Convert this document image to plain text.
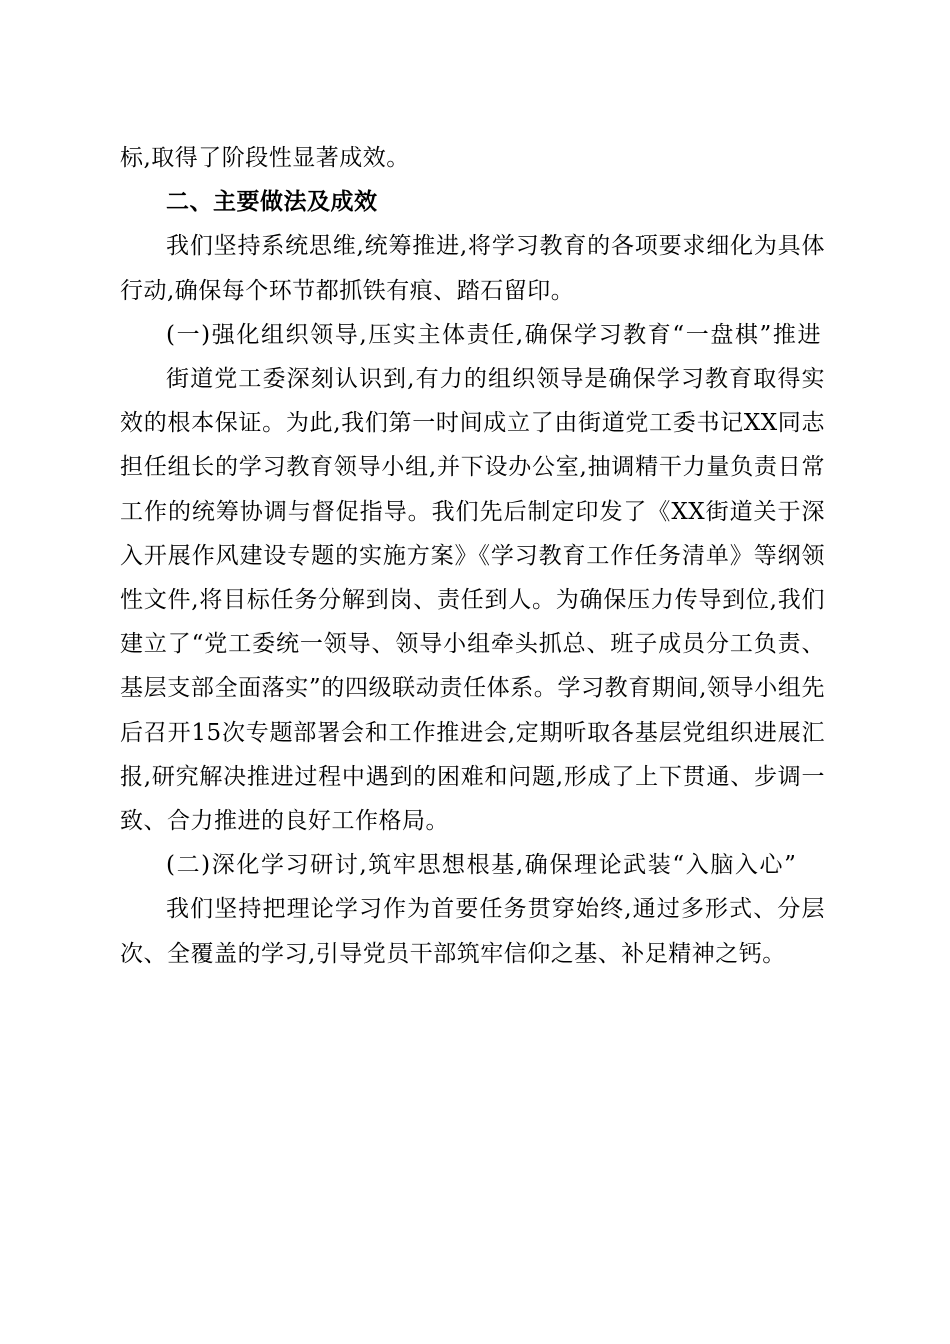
标,取得了阶段性显著成效。

二、主要做法及成效

我们坚持系统思维,统筹推进,将学习教育的各项要求细化为具体行动,确保每个环节都抓铁有痕、踏石留印。

(一)强化组织领导,压实主体责任,确保学习教育“一盘棋”推进

街道党工委深刻认识到,有力的组织领导是确保学习教育取得实效的根本保证。为此,我们第一时间成立了由街道党工委书记XX同志担任组长的学习教育领导小组,并下设办公室,抽调精干力量负责日常工作的统筹协调与督促指导。我们先后制定印发了《XX街道关于深入开展作风建设专题的实施方案》《学习教育工作任务清单》等纲领性文件,将目标任务分解到岗、责任到人。为确保压力传导到位,我们建立了“党工委统一领导、领导小组牵头抓总、班子成员分工负责、基层支部全面落实”的四级联动责任体系。学习教育期间,领导小组先后召开15次专题部署会和工作推进会,定期听取各基层党组织进展汇报,研究解决推进过程中遇到的困难和问题,形成了上下贯通、步调一致、合力推进的良好工作格局。

(二)深化学习研讨,筑牢思想根基,确保理论武装“入脑入心”

我们坚持把理论学习作为首要任务贯穿始终,通过多形式、分层次、全覆盖的学习,引导党员干部筑牢信仰之基、补足精神之钙。
